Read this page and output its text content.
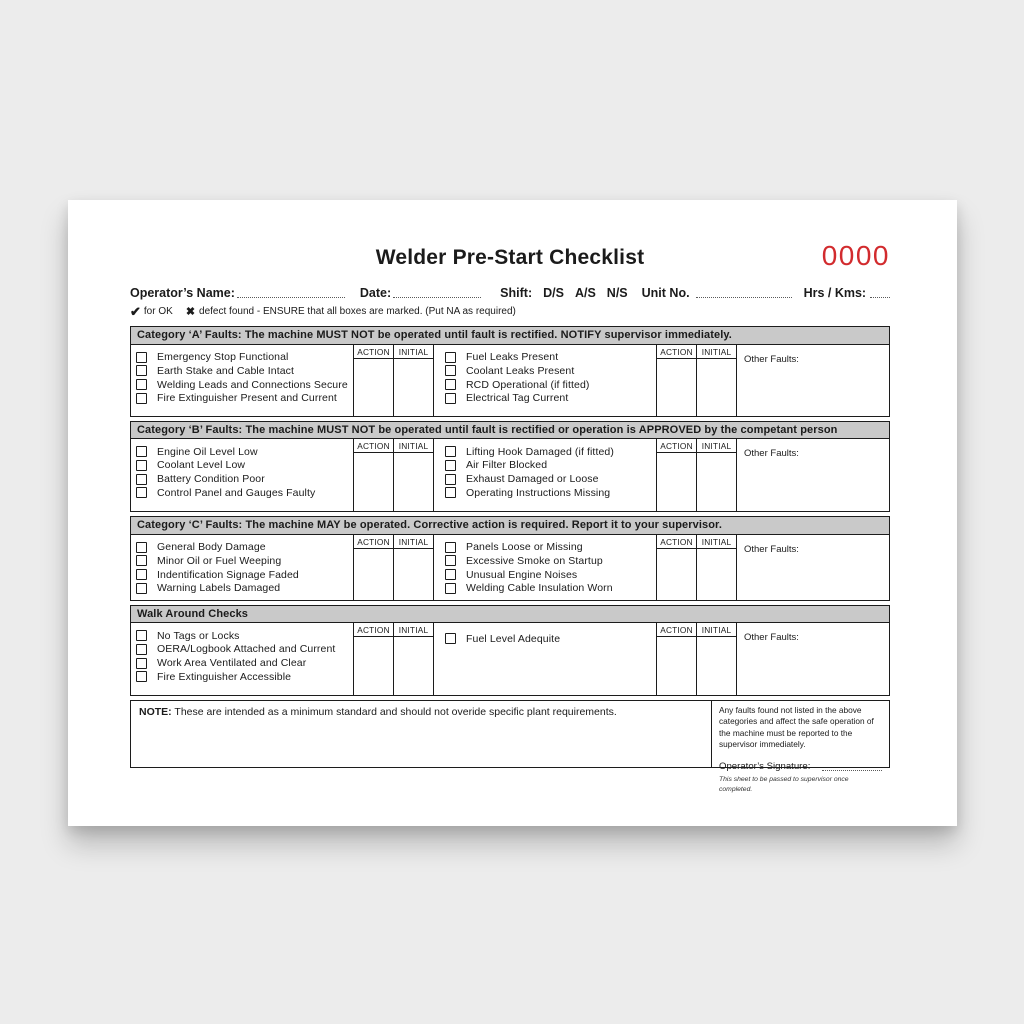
Welder Pre-Start Checklist	0000
Operator’s Name:	Date:	Shift: D/S A/S N/S Unit No.	Hrs / Kms:
✔ for OK ✖ defect found - ENSURE that all boxes are marked. (Put NA as required)
Category ‘A’ Faults: The machine MUST NOT be operated until fault is rectified. NOTIFY supervisor immediately.
Emergency Stop Functional
Earth Stake and Cable Intact
Welding Leads and Connections Secure
Fire Extinguisher Present and Current
ACTION	INITIAL	Fuel Leaks Present
Coolant Leaks Present
RCD Operational (if fitted)
Electrical Tag Current
ACTION	INITIAL
Other Faults:
Category ‘B’ Faults: The machine MUST NOT be operated until fault is rectified or operation is APPROVED by the competant person
Engine Oil Level Low
Coolant Level Low
Battery Condition Poor
Control Panel and Gauges Faulty
ACTION	INITIAL	Lifting Hook Damaged (if fitted)
Air Filter Blocked
Exhaust Damaged or Loose
Operating Instructions Missing
ACTION	INITIAL
Other Faults:
Category ‘C’ Faults: The machine MAY be operated. Corrective action is required. Report it to your supervisor.
General Body Damage
Minor Oil or Fuel Weeping
Indentification Signage Faded
Warning Labels Damaged
ACTION	INITIAL	Panels Loose or Missing
Excessive Smoke on Startup
Unusual Engine Noises
Welding Cable Insulation Worn
ACTION	INITIAL
Other Faults:
Walk Around Checks
No Tags or Locks
OERA/Logbook Attached and Current
Work Area Ventilated and Clear
Fire Extinguisher Accessible
ACTION	INITIAL
Fuel Level Adequite
ACTION	INITIAL
Other Faults:
NOTE: These are intended as a minimum standard and should not overide specific plant requirements.	Any faults found not listed in the above categories and affect the safe operation of the machine must be reported to the supervisor immediately.
Operator’s Signature:
This sheet to be passed to supervisor once completed.
